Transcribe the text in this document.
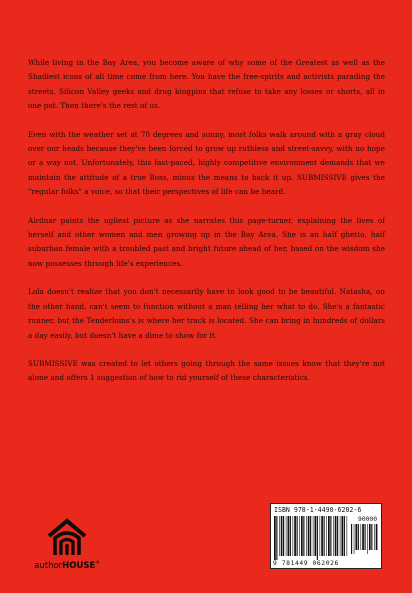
While living in the Bay Area, you become aware of why some of the Greatest as well as the Shadiest icons of all time come from here. You have the free-spirits and activists parading the streets, Silicon Valley geeks and drug kingpins that refuse to take any losses or shorts, all in one pot. Then there's the rest of us.

Even with the weather set at 70 degrees and sunny, most folks walk around with a gray cloud over our heads because they've been forced to grow up ruthless and street-savvy, with no hope or a way out. Unfortunately, this fast-paced, highly competitive environment demands that we maintain the attitude of a true Boss, minus the means to back it up. SUBMISSIVE gives the "regular folks" a voice, so that their perspectives of life can be heard.

Airdnar paints the ugliest picture as she narrates this page-turner, explaining the lives of herself and other women and men growing up in the Bay Area. She is an half ghetto, half suburban female with a troubled past and bright future ahead of her, based on the wisdom she now possesses through life's experiences.

Lola doesn't realize that you don't necessarily have to look good to be beautiful. Natasha, on the other hand, can't seem to function without a man telling her what to do. She's a fantastic runner, but the Tenderloins's is where her track is located. She can bring in hundreds of dollars a day easily, but doesn't have a dime to show for it.

SUBMISSIVE was created to let others going through the same issues know that they're not alone and offers 1 suggestion of how to rid yourself of these characteristics.

authorHOUSE®
ISBN 978-1-4490-6202-6
90000
9 781449 062026
